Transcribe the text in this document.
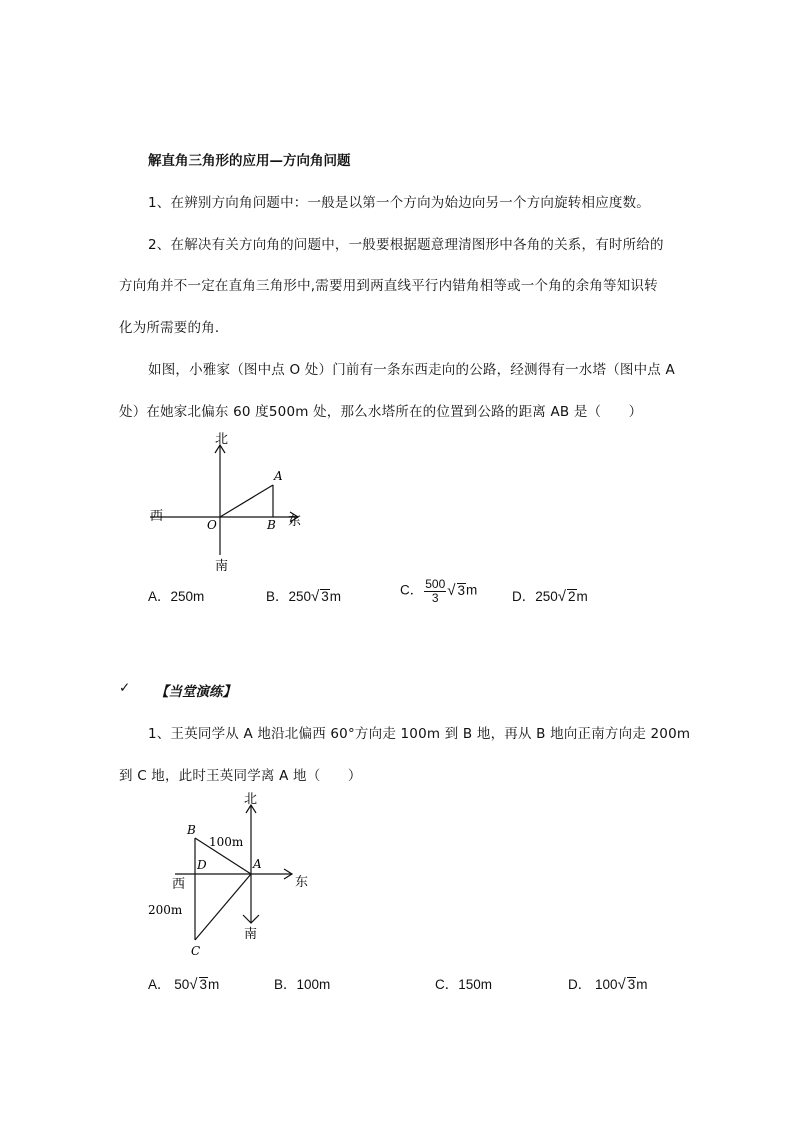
解直角三角形的应用—方向角问题
1、在辨别方向角问题中：一般是以第一个方向为始边向另一个方向旋转相应度数。
2、在解决有关方向角的问题中，一般要根据题意理清图形中各角的关系，有时所给的
方向角并不一定在直角三角形中,需要用到两直线平行内错角相等或一个角的余角等知识转
化为所需要的角．
如图，小雅家（图中点 O 处）门前有一条东西走向的公路，经测得有一水塔（图中点 A
处）在她家北偏东 60 度500m 处，那么水塔所在的位置到公路的距离 AB 是（　　）
北
南
西	东
A
B
O
A．250m	B．250√ 3m	C． $\frac{500}{3}$ √ 3m	D．250√ 2m
✓ 【当堂演练】
1、王英同学从 A 地沿北偏西 60°方向走 100m 到 B 地，再从 B 地向正南方向走 200m
到 C 地，此时王英同学离 A 地（　　）
北
南
西	东
B
A
D
C
100m
200m
A． 50√ 3m	B．100m	C．150m	D． 100√ 3m
